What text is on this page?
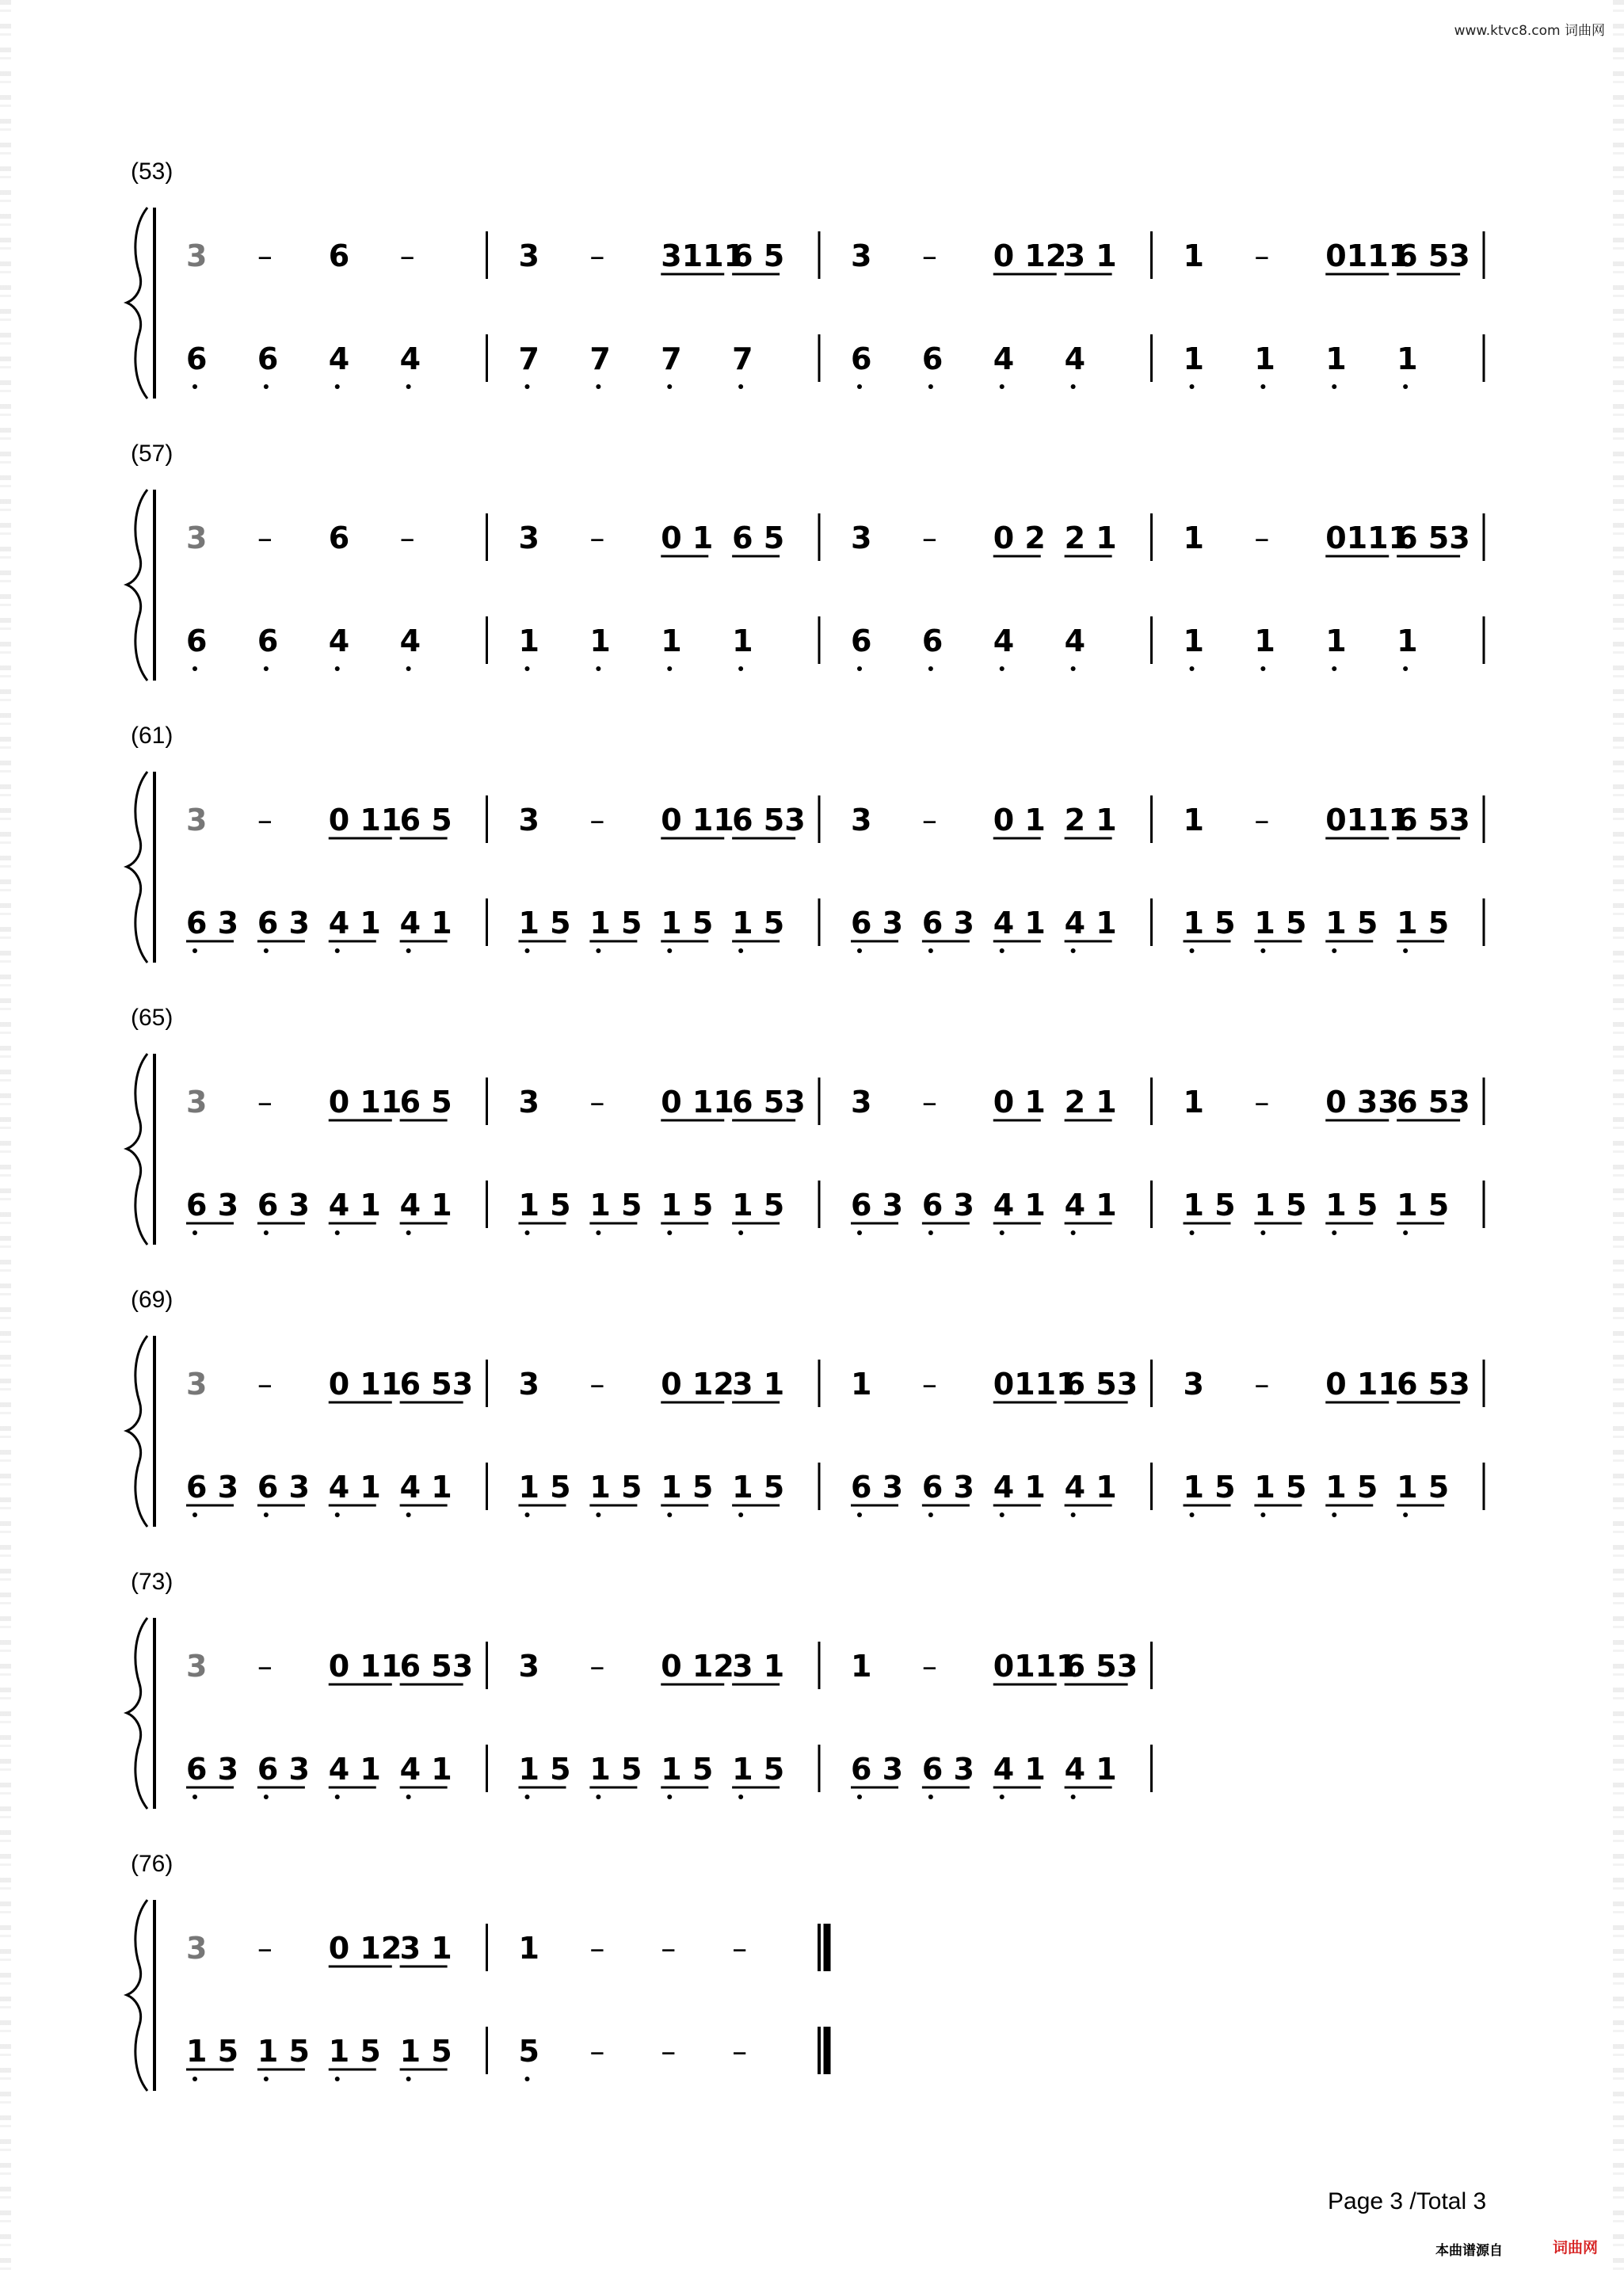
www.ktvc8.com 词曲网
(53)
3 – 6 –
6 6 4 4
3 – 3111
6 5
7 7 7 7
3 – 0 12
3 1
6 6 4 4
1 – 0111
6 53
1 1 1 1
(57)
3 – 6 –
6 6 4 4
3 – 0 1 6 5
1 1 1 1
3 – 0 2 2 1
6 6 4 4
1 – 0111
6 53
1 1 1 1
(61)
3 – 0 11
6 5
6 3 6 3 4 1 4 1
3 – 0 11
6 53
1 5 1 5 1 5 1 5
3 – 0 1 2 1
6 3 6 3 4 1 4 1
1 – 0111
6 53
1 5 1 5 1 5 1 5
(65)
3 – 0 11
6 5
6 3 6 3 4 1 4 1
3 – 0 11
6 53
1 5 1 5 1 5 1 5
3 – 0 1 2 1
6 3 6 3 4 1 4 1
1 – 0 33
6 53
1 5 1 5 1 5 1 5
(69)
3 – 0 11
6 53
6 3 6 3 4 1 4 1
3 – 0 12
3 1
1 5 1 5 1 5 1 5
1 – 0111
6 53
6 3 6 3 4 1 4 1
3 – 0 11
6 53
1 5 1 5 1 5 1 5
(73)
3 – 0 11
6 53
6 3 6 3 4 1 4 1
3 – 0 12
3 1
1 5 1 5 1 5 1 5
1 – 0111
6 53
6 3 6 3 4 1 4 1
(76)
3 – 0 12
3 1
1 5 1 5 1 5 1 5
1 – – –
5 – – –
Page 3 /Total 3
本曲谱源自	词曲网
